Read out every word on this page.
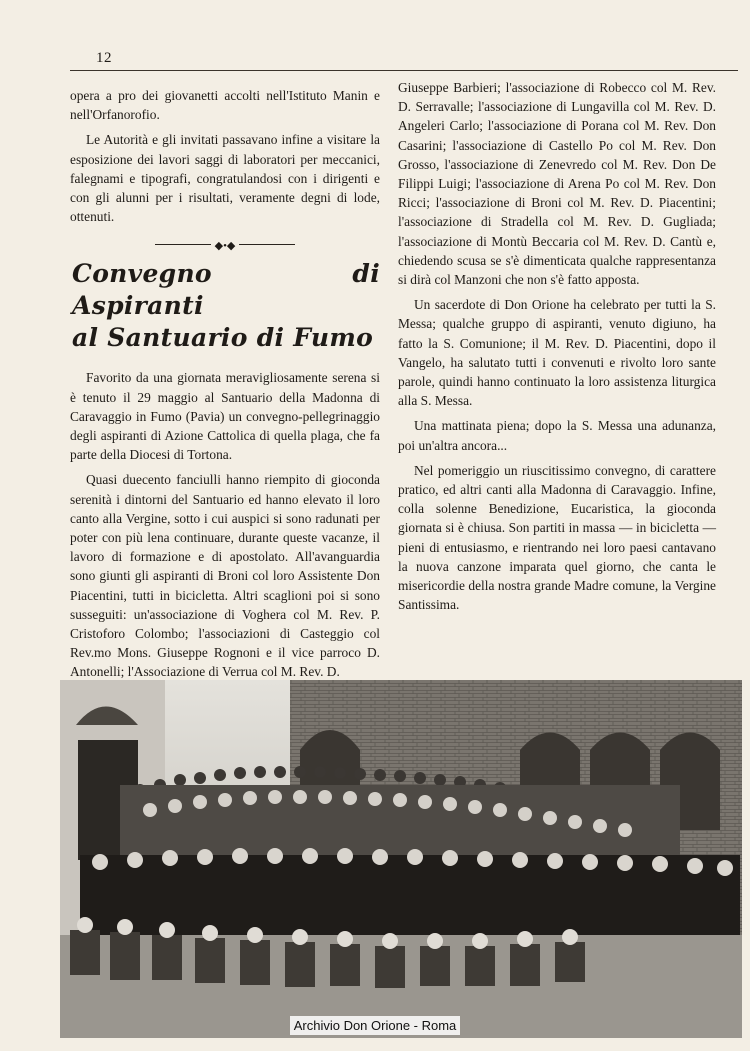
12

opera a pro dei giovanetti accolti nell'Istituto Manin e nell'Orfanorofio.

Le Autorità e gli invitati passavano infine a visitare la esposizione dei lavori saggi di laboratori per meccanici, falegnami e tipografi, congratulandosi con i dirigenti e con gli alunni per i risultati, veramente degni di lode, ottenuti.

◆•◆
Convegno di Aspiranti
al Santuario di Fumo

Favorito da una giornata meravigliosamente serena si è tenuto il 29 maggio al Santuario della Madonna di Caravaggio in Fumo (Pavia) un convegno-pellegrinaggio degli aspiranti di Azione Cattolica di quella plaga, che fa parte della Diocesi di Tortona.

Quasi duecento fanciulli hanno riempito di gioconda serenità i dintorni del Santuario ed hanno elevato il loro canto alla Vergine, sotto i cui auspici si sono radunati per poter con più lena continuare, durante queste vacanze, il lavoro di formazione e di apostolato. All'avanguardia sono giunti gli aspiranti di Broni col loro Assistente Don Piacentini, tutti in bicicletta. Altri scaglioni poi si sono susseguiti: un'associazione di Voghera col M. Rev. P. Cristoforo Colombo; l'associazioni di Casteggio col Rev.mo Mons. Giuseppe Rognoni e il vice parroco D. Antonelli; l'Associazione di Verrua col M. Rev. D.

Giuseppe Barbieri; l'associazione di Robecco col M. Rev. D. Serravalle; l'associazione di Lungavilla col M. Rev. D. Angeleri Carlo; l'associazione di Porana col M. Rev. Don Casarini; l'associazione di Castello Po col M. Rev. Don Grosso, l'associazione di Zenevredo col M. Rev. Don De Filippi Luigi; l'associazione di Arena Po col M. Rev. Don Ricci; l'associazione di Broni col M. Rev. D. Piacentini; l'associazione di Stradella col M. Rev. D. Gugliada; l'associazione di Montù Beccaria col M. Rev. D. Cantù e, chiedendo scusa se s'è dimenticata qualche rappresentanza si dirà col Manzoni che non s'è fatto apposta.

Un sacerdote di Don Orione ha celebrato per tutti la S. Messa; qualche gruppo di aspiranti, venuto digiuno, ha fatto la S. Comunione; il M. Rev. D. Piacentini, dopo il Vangelo, ha salutato tutti i convenuti e rivolto loro sante parole, quindi hanno continuato la loro assistenza liturgica alla S. Messa.

Una mattinata piena; dopo la S. Messa una adunanza, poi un'altra ancora...

Nel pomeriggio un riuscitissimo convegno, di carattere pratico, ed altri canti alla Madonna di Caravaggio. Infine, colla solenne Benedizione, Eucaristica, la gioconda giornata si è chiusa. Son partiti in massa — in bicicletta — pieni di entusiasmo, e rientrando nei loro paesi cantavano la nuova canzone imparata quel giorno, che canta le misericordie della nostra grande Madre comune, la Vergine Santissima.

Archivio Don Orione - Roma
